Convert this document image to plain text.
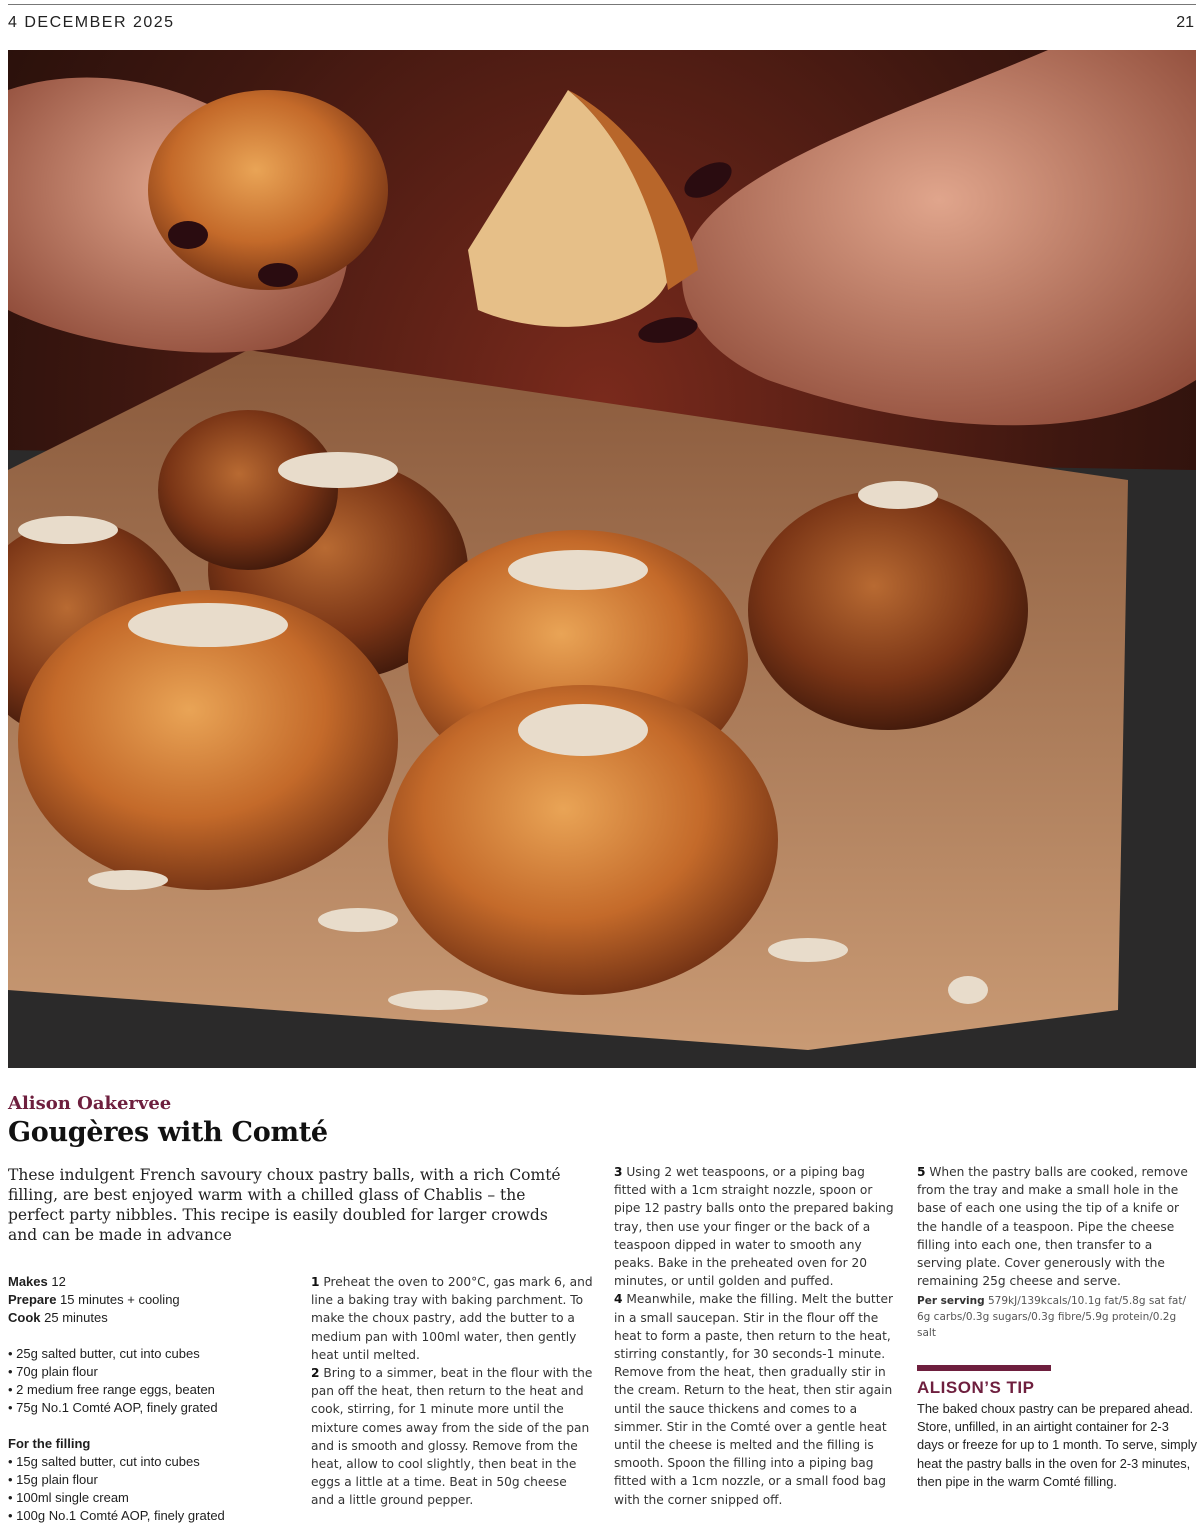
4 DECEMBER 2025	21
Alison Oakervee
Gougères with Comté
These indulgent French savoury choux pastry balls, with a rich Comté filling, are best enjoyed warm with a chilled glass of Chablis – the perfect party nibbles. This recipe is easily doubled for larger crowds and can be made in advance
Makes 12
Prepare 15 minutes + cooling
Cook 25 minutes
• 25g salted butter, cut into cubes
• 70g plain flour
• 2 medium free range eggs, beaten
• 75g No.1 Comté AOP, finely grated
For the filling
• 15g salted butter, cut into cubes
• 15g plain flour
• 100ml single cream
• 100g No.1 Comté AOP, finely grated

1 Preheat the oven to 200°C, gas mark 6, and line a baking tray with baking parchment. To make the choux pastry, add the butter to a medium pan with 100ml water, then gently heat until melted.

2 Bring to a simmer, beat in the flour with the pan off the heat, then return to the heat and cook, stirring, for 1 minute more until the mixture comes away from the side of the pan and is smooth and glossy. Remove from the heat, allow to cool slightly, then beat in the eggs a little at a time. Beat in 50g cheese and a little ground pepper.

3 Using 2 wet teaspoons, or a piping bag fitted with a 1cm straight nozzle, spoon or pipe 12 pastry balls onto the prepared baking tray, then use your finger or the back of a teaspoon dipped in water to smooth any peaks. Bake in the preheated oven for 20 minutes, or until golden and puffed.

4 Meanwhile, make the filling. Melt the butter in a small saucepan. Stir in the flour off the heat to form a paste, then return to the heat, stirring constantly, for 30 seconds-1 minute. Remove from the heat, then gradually stir in the cream. Return to the heat, then stir again until the sauce thickens and comes to a simmer. Stir in the Comté over a gentle heat until the cheese is melted and the filling is smooth. Spoon the filling into a piping bag fitted with a 1cm nozzle, or a small food bag with the corner snipped off.

5 When the pastry balls are cooked, remove from the tray and make a small hole in the base of each one using the tip of a knife or the handle of a teaspoon. Pipe the cheese filling into each one, then transfer to a serving plate. Cover generously with the remaining 25g cheese and serve.

Per serving 579kJ/139kcals/10.1g fat/5.8g sat fat/ 6g carbs/0.3g sugars/0.3g fibre/5.9g protein/0.2g salt

ALISON’S TIP
The baked choux pastry can be prepared ahead. Store, unfilled, in an airtight container for 2-3 days or freeze for up to 1 month. To serve, simply heat the pastry balls in the oven for 2-3 minutes, then pipe in the warm Comté filling.
